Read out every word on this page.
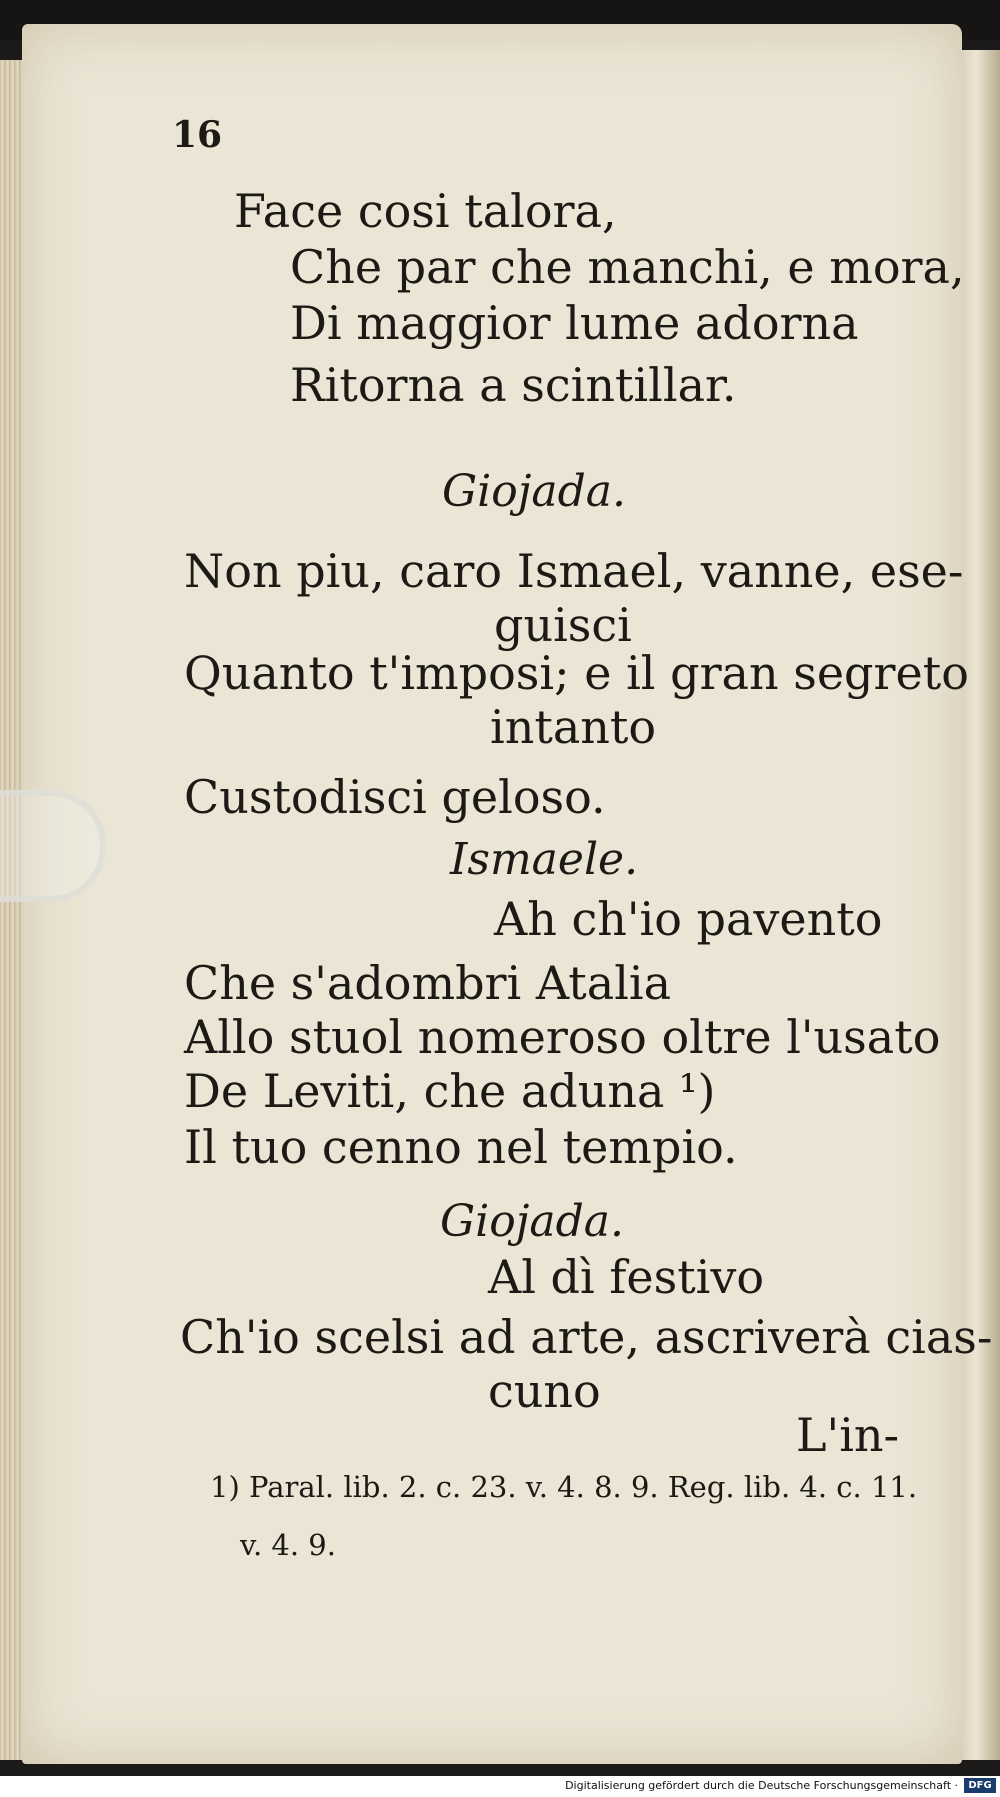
16
Face cosi talora,
Che par che manchi, e mora,
Di maggior lume adorna
Ritorna a scintillar.
Giojada.
Non piu, caro Ismael, vanne, ese-
guisci
Quanto t'imposi; e il gran segreto
intanto
Custodisci geloso.
Ismaele.
Ah ch'io pavento
Che s'adombri Atalia
Allo stuol nomeroso oltre l'usato
De Leviti, che aduna ¹)
Il tuo cenno nel tempio.
Giojada.
Al dì festivo
Ch'io scelsi ad arte, ascriverà cias-
cuno
L'in-
1) Paral. lib. 2. c. 23. v. 4. 8. 9. Reg. lib. 4. c. 11.
v. 4. 9.
Digitalisierung gefördert durch die Deutsche Forschungsgemeinschaft ·	DFG
